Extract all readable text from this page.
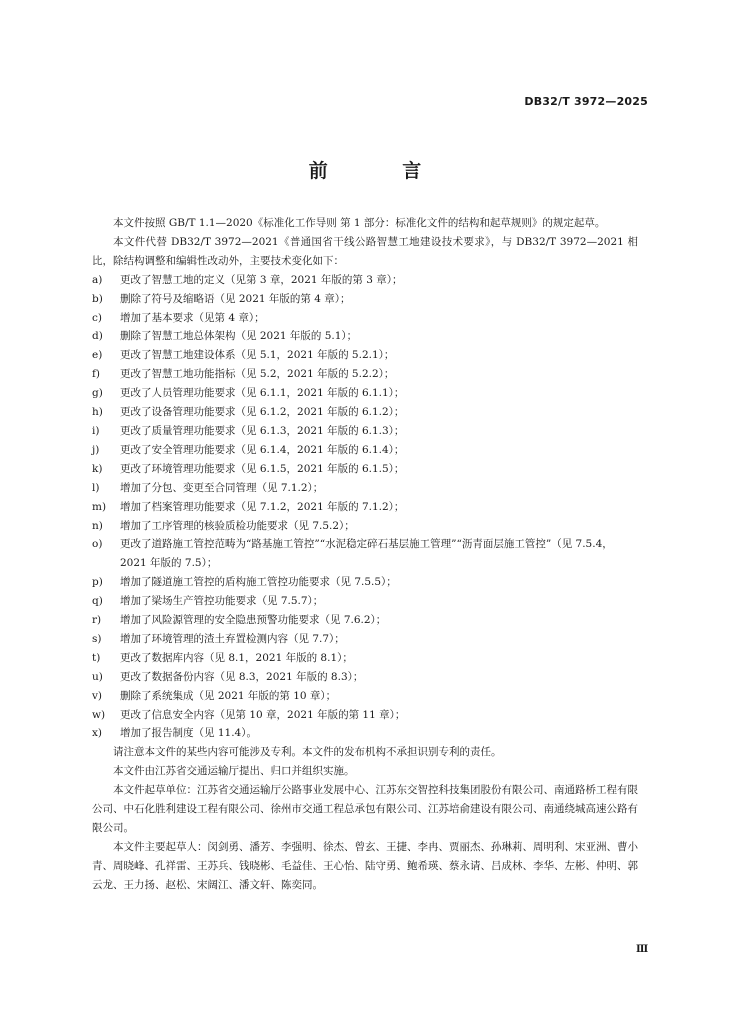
DB32/T 3972—2025
前 言

本文件按照 GB/T 1.1—2020《标准化工作导则 第 1 部分：标准化文件的结构和起草规则》的规定起草。

本文件代替 DB32/T 3972—2021《普通国省干线公路智慧工地建设技术要求》，与 DB32/T 3972—2021 相比，除结构调整和编辑性改动外，主要技术变化如下：

a) 更改了智慧工地的定义（见第 3 章，2021 年版的第 3 章）；
b) 删除了符号及缩略语（见 2021 年版的第 4 章）；
c) 增加了基本要求（见第 4 章）；
d) 删除了智慧工地总体架构（见 2021 年版的 5.1）；
e) 更改了智慧工地建设体系（见 5.1，2021 年版的 5.2.1）；
f) 更改了智慧工地功能指标（见 5.2，2021 年版的 5.2.2）；
g) 更改了人员管理功能要求（见 6.1.1，2021 年版的 6.1.1）；
h) 更改了设备管理功能要求（见 6.1.2，2021 年版的 6.1.2）；
i) 更改了质量管理功能要求（见 6.1.3，2021 年版的 6.1.3）；
j) 更改了安全管理功能要求（见 6.1.4，2021 年版的 6.1.4）；
k) 更改了环境管理功能要求（见 6.1.5，2021 年版的 6.1.5）；
l) 增加了分包、变更至合同管理（见 7.1.2）；
m) 增加了档案管理功能要求（见 7.1.2，2021 年版的 7.1.2）；
n) 增加了工序管理的核验质检功能要求（见 7.5.2）；
o) 更改了道路施工管控范畴为“路基施工管控”“水泥稳定碎石基层施工管理”“沥青面层施工管控”（见 7.5.4，2021 年版的 7.5）；
p) 增加了隧道施工管控的盾构施工管控功能要求（见 7.5.5）；
q) 增加了梁场生产管控功能要求（见 7.5.7）；
r) 增加了风险源管理的安全隐患预警功能要求（见 7.6.2）；
s) 增加了环境管理的渣土弃置检测内容（见 7.7）；
t) 更改了数据库内容（见 8.1，2021 年版的 8.1）；
u) 更改了数据备份内容（见 8.3，2021 年版的 8.3）；
v) 删除了系统集成（见 2021 年版的第 10 章）；
w) 更改了信息安全内容（见第 10 章，2021 年版的第 11 章）；
x) 增加了报告制度（见 11.4）。

请注意本文件的某些内容可能涉及专利。本文件的发布机构不承担识别专利的责任。

本文件由江苏省交通运输厅提出、归口并组织实施。

本文件起草单位：江苏省交通运输厅公路事业发展中心、江苏东交智控科技集团股份有限公司、南通路桥工程有限公司、中石化胜利建设工程有限公司、徐州市交通工程总承包有限公司、江苏培俞建设有限公司、南通绕城高速公路有限公司。

本文件主要起草人：闵剑勇、潘芳、李强明、徐杰、曾玄、王捷、李冉、贾丽杰、孙琳莉、周明利、宋亚洲、曹小青、周晓峰、孔祥雷、王苏兵、钱晓彬、毛益佳、王心怡、陆守勇、鲍希瑛、蔡永请、吕成林、李华、左彬、仲明、郭云龙、王力扬、赵松、宋阔江、潘文轩、陈奕同。

Ⅲ
